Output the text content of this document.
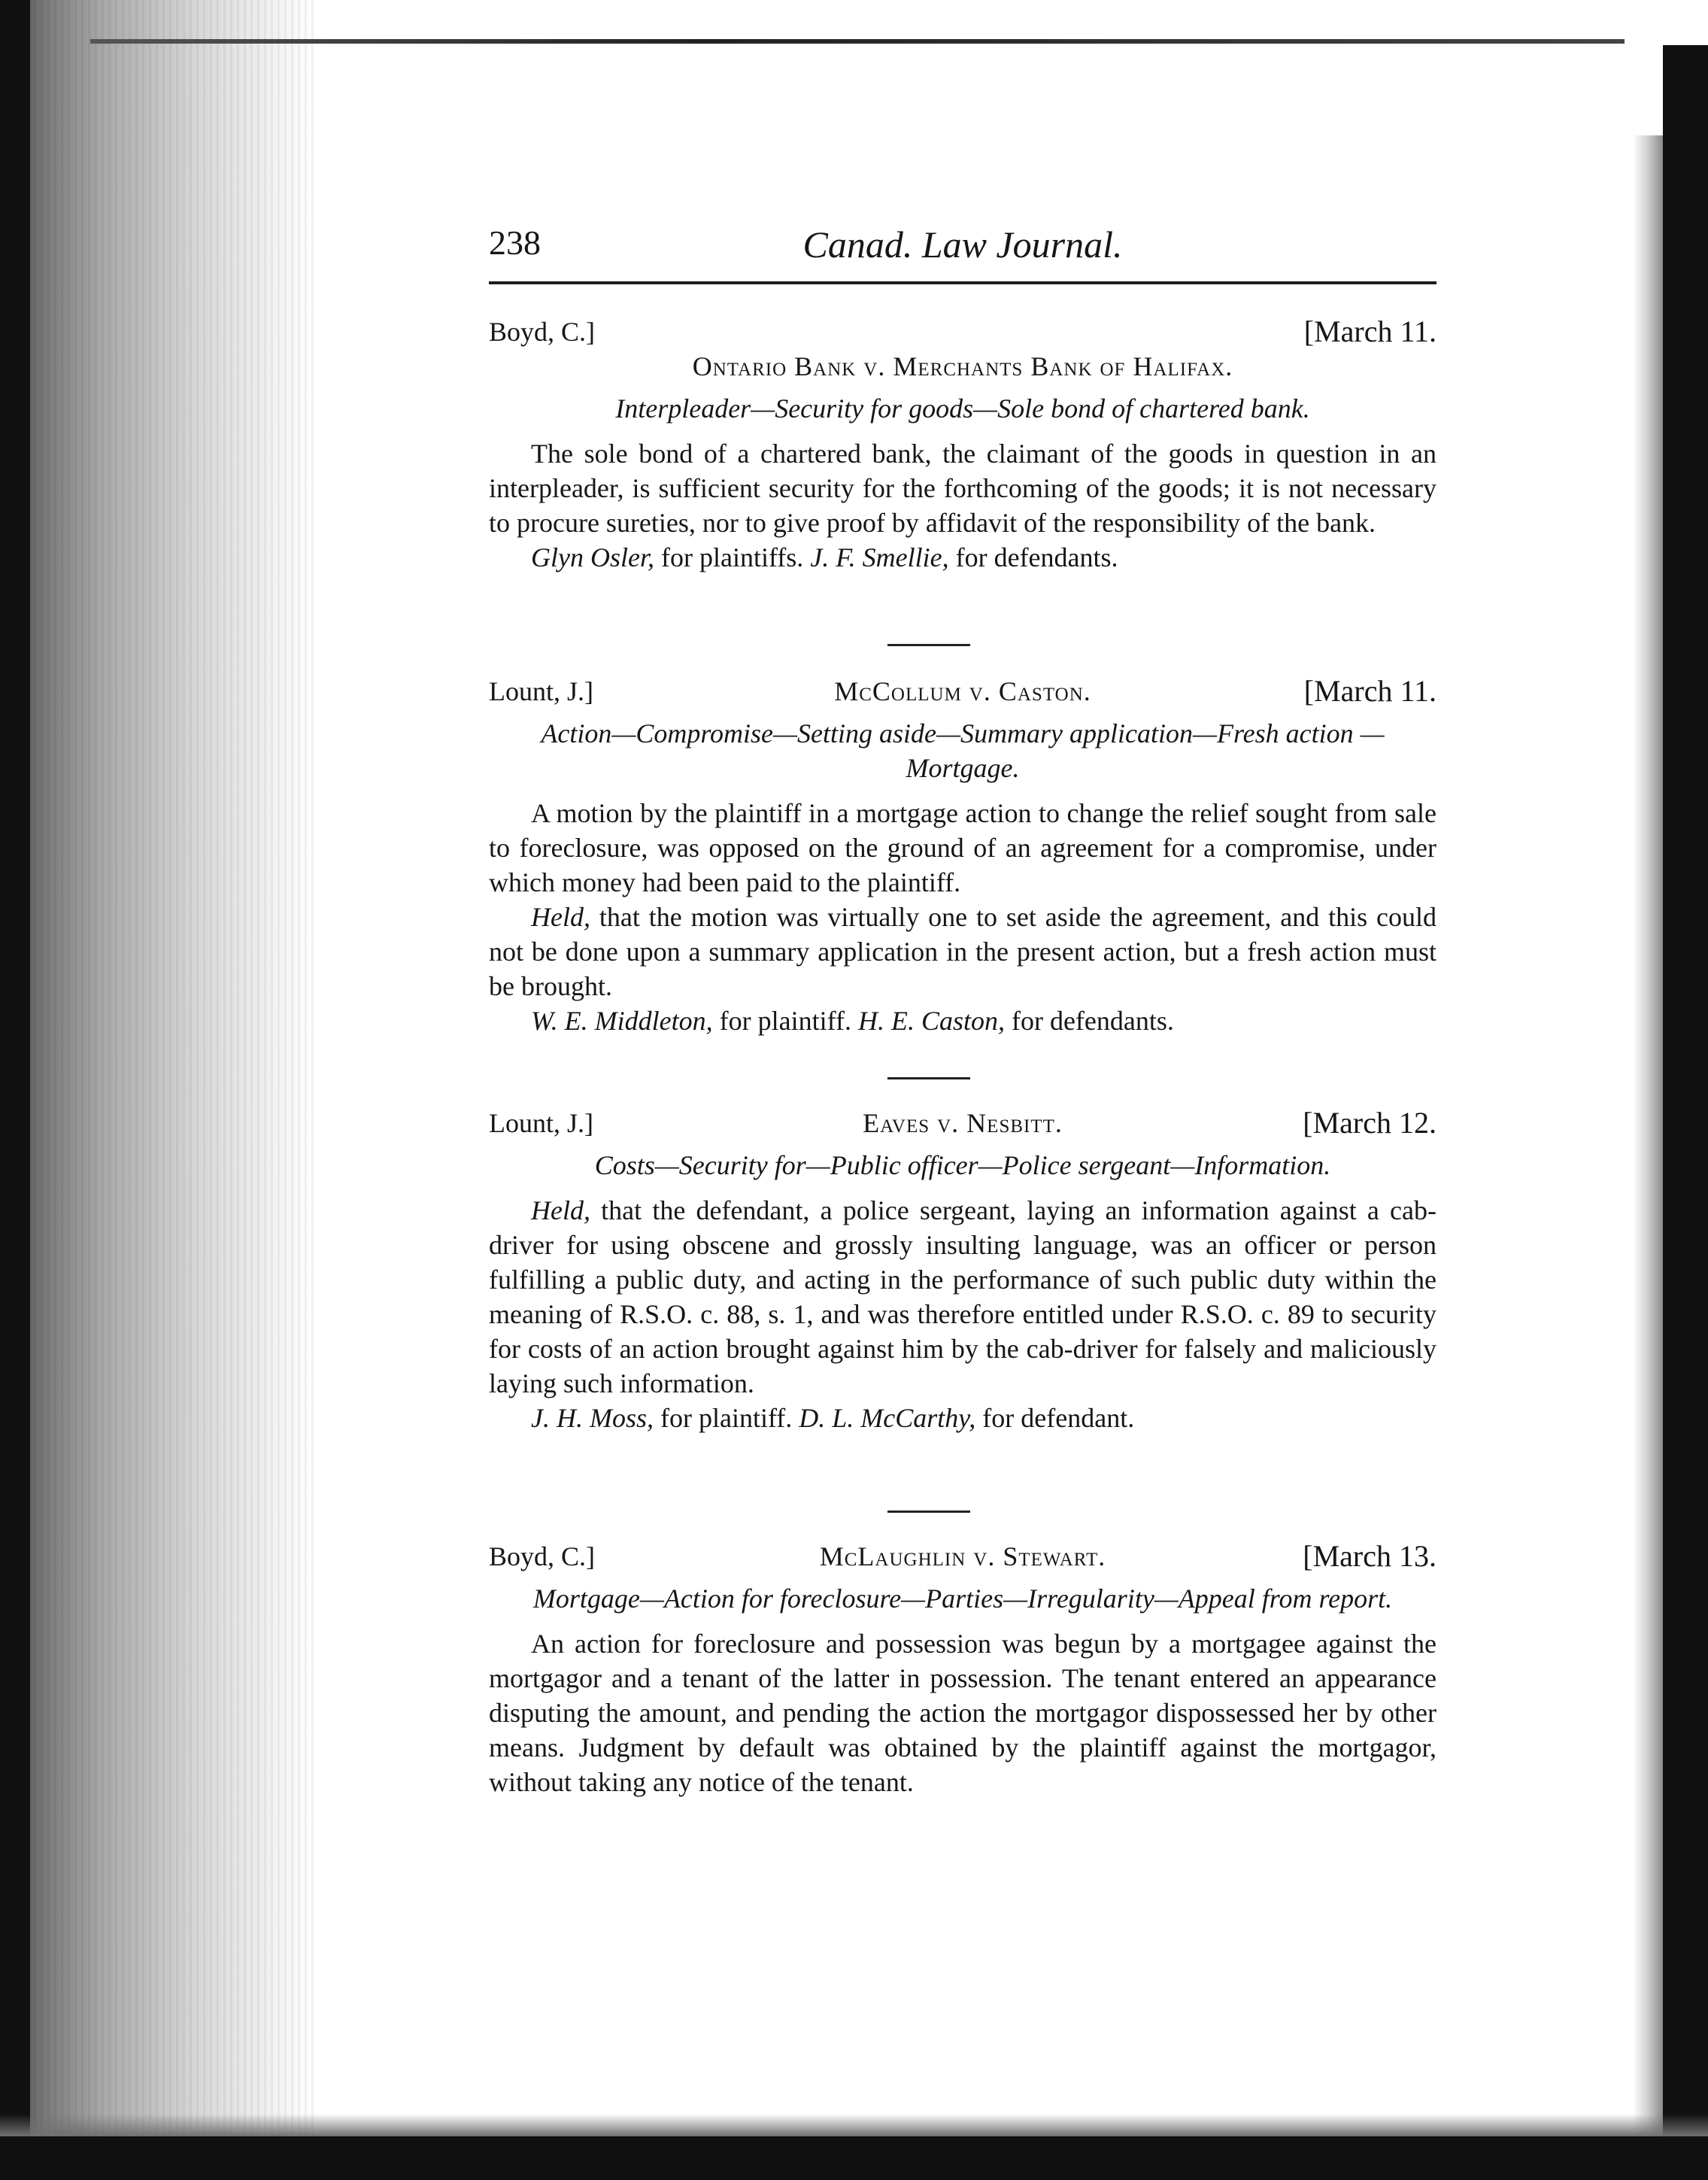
238	Canad. Law Journal.
Boyd, C.]	[March 11.
Ontario Bank v. Merchants Bank of Halifax.
Interpleader—Security for goods—Sole bond of chartered bank.
The sole bond of a chartered bank, the claimant of the goods in question in an interpleader, is sufficient security for the forthcoming of the goods; it is not necessary to procure sureties, nor to give proof by affidavit of the responsibility of the bank.
Glyn Osler, for plaintiffs. J. F. Smellie, for defendants.
Lount, J.]	McCollum v. Caston.	[March 11.
Action—Compromise—Setting aside—Summary application—Fresh action —Mortgage.
A motion by the plaintiff in a mortgage action to change the relief sought from sale to foreclosure, was opposed on the ground of an agreement for a compromise, under which money had been paid to the plaintiff.
Held, that the motion was virtually one to set aside the agreement, and this could not be done upon a summary application in the present action, but a fresh action must be brought.
W. E. Middleton, for plaintiff. H. E. Caston, for defendants.
Lount, J.]	Eaves v. Nesbitt.	[March 12.
Costs—Security for—Public officer—Police sergeant—Information.
Held, that the defendant, a police sergeant, laying an information against a cab-driver for using obscene and grossly insulting language, was an officer or person fulfilling a public duty, and acting in the performance of such public duty within the meaning of R.S.O. c. 88, s. 1, and was therefore entitled under R.S.O. c. 89 to security for costs of an action brought against him by the cab-driver for falsely and maliciously laying such information.
J. H. Moss, for plaintiff. D. L. McCarthy, for defendant.
Boyd, C.]	McLaughlin v. Stewart.	[March 13.
Mortgage—Action for foreclosure—Parties—Irregularity—Appeal from report.
An action for foreclosure and possession was begun by a mortgagee against the mortgagor and a tenant of the latter in possession. The tenant entered an appearance disputing the amount, and pending the action the mortgagor dispossessed her by other means. Judgment by default was obtained by the plaintiff against the mortgagor, without taking any notice of the tenant.
